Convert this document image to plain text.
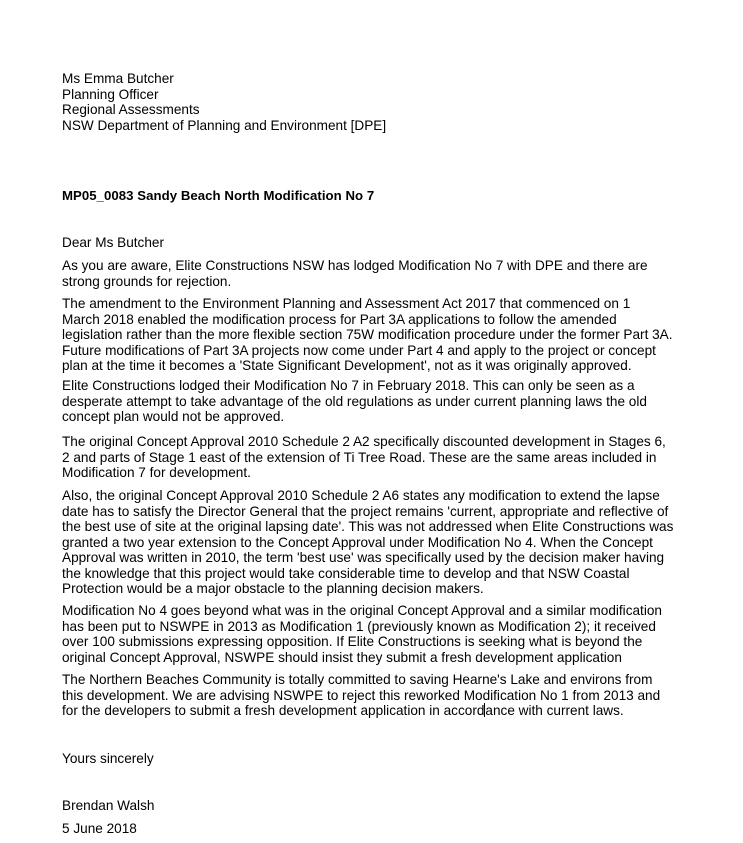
Ms Emma Butcher
Planning Officer
Regional Assessments
NSW Department of Planning and Environment [DPE]
MP05_0083 Sandy Beach North Modification No 7
Dear Ms Butcher
As you are aware, Elite Constructions NSW has lodged Modification No 7 with DPE and there are
strong grounds for rejection.
The amendment to the Environment Planning and Assessment Act 2017 that commenced on 1
March 2018 enabled the modification process for Part 3A applications to follow the amended
legislation rather than the more flexible section 75W modification procedure under the former Part 3A.
Future modifications of Part 3A projects now come under Part 4 and apply to the project or concept
plan at the time it becomes a 'State Significant Development', not as it was originally approved.
Elite Constructions lodged their Modification No 7 in February 2018. This can only be seen as a
desperate attempt to take advantage of the old regulations as under current planning laws the old
concept plan would not be approved.
The original Concept Approval 2010 Schedule 2 A2 specifically discounted development in Stages 6,
2 and parts of Stage 1 east of the extension of Ti Tree Road. These are the same areas included in
Modification 7 for development.
Also, the original Concept Approval 2010 Schedule 2 A6 states any modification to extend the lapse
date has to satisfy the Director General that the project remains 'current, appropriate and reflective of
the best use of site at the original lapsing date'. This was not addressed when Elite Constructions was
granted a two year extension to the Concept Approval under Modification No 4. When the Concept
Approval was written in 2010, the term 'best use' was specifically used by the decision maker having
the knowledge that this project would take considerable time to develop and that NSW Coastal
Protection would be a major obstacle to the planning decision makers.
Modification No 4 goes beyond what was in the original Concept Approval and a similar modification
has been put to NSWPE in 2013 as Modification 1 (previously known as Modification 2); it received
over 100 submissions expressing opposition. If Elite Constructions is seeking what is beyond the
original Concept Approval, NSWPE should insist they submit a fresh development application
The Northern Beaches Community is totally committed to saving Hearne's Lake and environs from
this development. We are advising NSWPE to reject this reworked Modification No 1 from 2013 and
for the developers to submit a fresh development application in accordance with current laws.
Yours sincerely
Brendan Walsh
5 June 2018
